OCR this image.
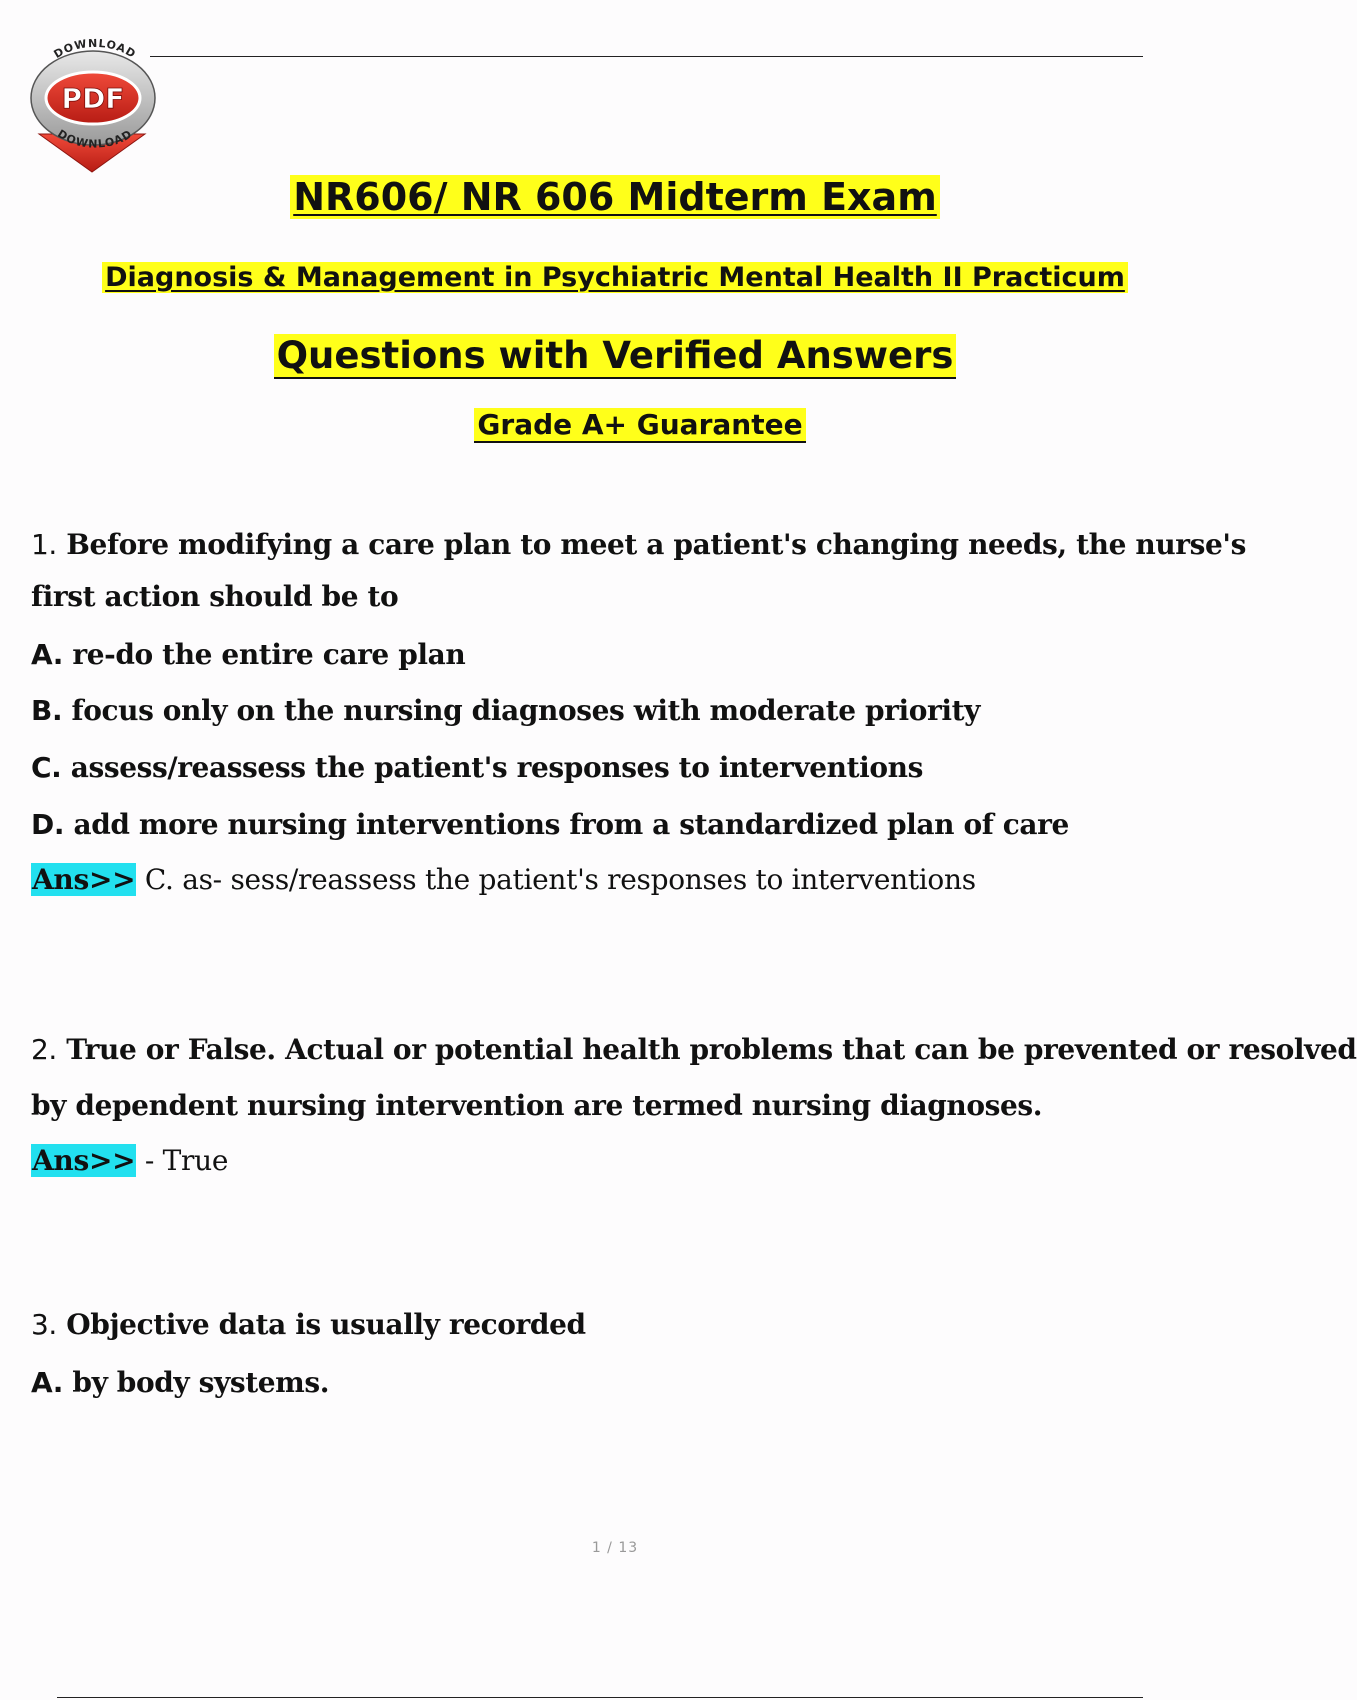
DOWNLOAD
DOWNLOAD
PDF
NR606/ NR 606 Midterm Exam
Diagnosis & Management in Psychiatric Mental Health II Practicum
Questions with Verified Answers
Grade A+ Guarantee
1. Before modifying a care plan to meet a patient's changing needs, the nurse's
first action should be to
A. re-do the entire care plan
B. focus only on the nursing diagnoses with moderate priority
C. assess/reassess the patient's responses to interventions
D. add more nursing interventions from a standardized plan of care
Ans>> C. as- sess/reassess the patient's responses to interventions
2. True or False. Actual or potential health problems that can be prevented or resolved
by dependent nursing intervention are termed nursing diagnoses.
Ans>> - True
3. Objective data is usually recorded
A. by body systems.
1 / 13
